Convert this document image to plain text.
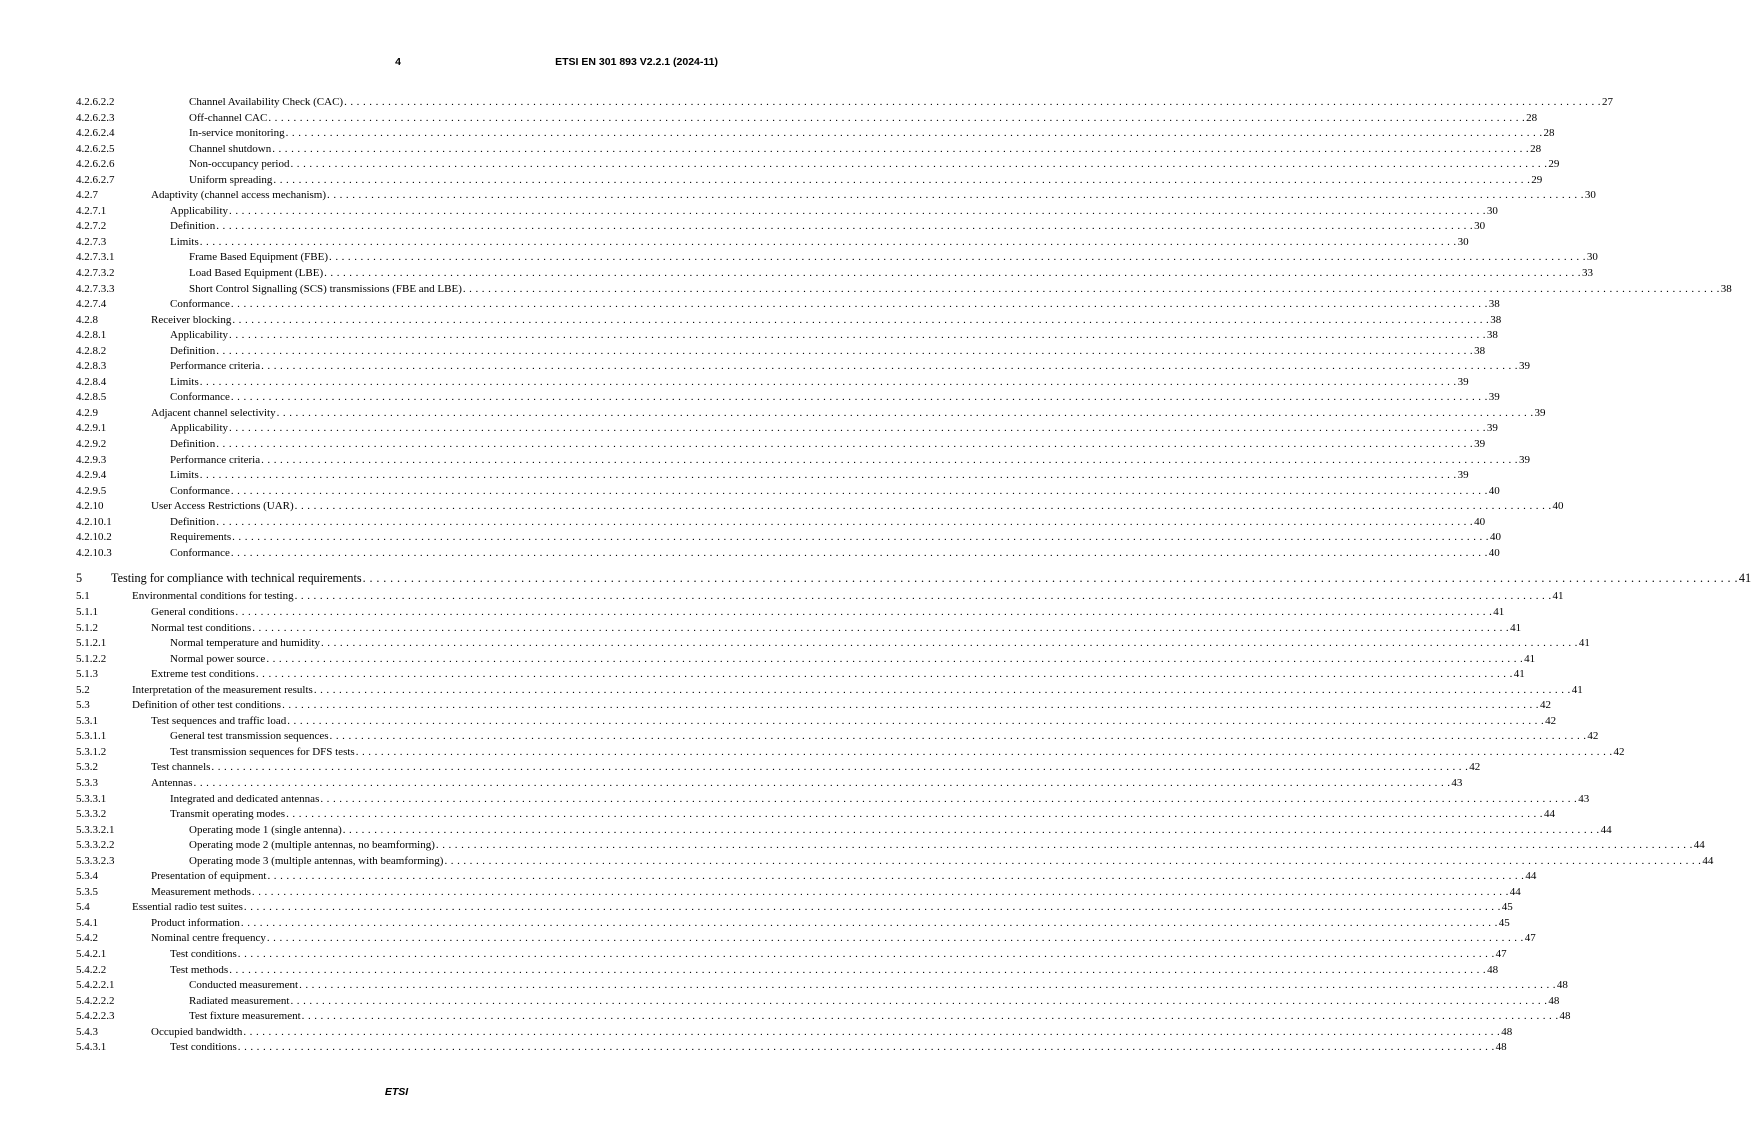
4	ETSI EN 301 893 V2.2.1 (2024-11)
4.2.6.2.2	Channel Availability Check (CAC) . . . . . . . . . . . . . . . . . . . . . . . . . . . . . . . . . . . . . . . . . . . . . . . . . . . . . . . . . . . . . . . . . . . . . . . . . . . . . . . . . . . . . . . . . . . . . . . . . . . . . . . . . . . . . . . . . . . . . . . . . . . . . . . . . . . . . . . . . . . . . . . . . . . . . . . . . . . . . . . . . . . . . . . . . . . . . . . . . . . . . . . . . . . . . . . . . . . . . . . . 27
4.2.6.2.3	Off-channel CAC . . . . . . . . . . . . . . . . . . . . . . . . . . . . . . . . . . . . . . . . . . . . . . . . . . . . . . . . . . . . . . . . . . . . . . . . . . . . . . . . . . . . . . . . . . . . . . . . . . . . . . . . . . . . . . . . . . . . . . . . . . . . . . . . . . . . . . . . . . . . . . . . . . . . . . . . . . . . . . . . . . . . . . . . . . . . . . . . . . . . . . . . . . . . . . . . . . . . . . . . 28
4.2.6.2.4	In-service monitoring . . . . . . . . . . . . . . . . . . . . . . . . . . . . . . . . . . . . . . . . . . . . . . . . . . . . . . . . . . . . . . . . . . . . . . . . . . . . . . . . . . . . . . . . . . . . . . . . . . . . . . . . . . . . . . . . . . . . . . . . . . . . . . . . . . . . . . . . . . . . . . . . . . . . . . . . . . . . . . . . . . . . . . . . . . . . . . . . . . . . . . . . . . . . . . . . . . . . . . . . 28
4.2.6.2.5	Channel shutdown . . . . . . . . . . . . . . . . . . . . . . . . . . . . . . . . . . . . . . . . . . . . . . . . . . . . . . . . . . . . . . . . . . . . . . . . . . . . . . . . . . . . . . . . . . . . . . . . . . . . . . . . . . . . . . . . . . . . . . . . . . . . . . . . . . . . . . . . . . . . . . . . . . . . . . . . . . . . . . . . . . . . . . . . . . . . . . . . . . . . . . . . . . . . . . . . . . . . . . . . 28
4.2.6.2.6	Non-occupancy period . . . . . . . . . . . . . . . . . . . . . . . . . . . . . . . . . . . . . . . . . . . . . . . . . . . . . . . . . . . . . . . . . . . . . . . . . . . . . . . . . . . . . . . . . . . . . . . . . . . . . . . . . . . . . . . . . . . . . . . . . . . . . . . . . . . . . . . . . . . . . . . . . . . . . . . . . . . . . . . . . . . . . . . . . . . . . . . . . . . . . . . . . . . . . . . . . . . . . . . . 29
4.2.6.2.7	Uniform spreading . . . . . . . . . . . . . . . . . . . . . . . . . . . . . . . . . . . . . . . . . . . . . . . . . . . . . . . . . . . . . . . . . . . . . . . . . . . . . . . . . . . . . . . . . . . . . . . . . . . . . . . . . . . . . . . . . . . . . . . . . . . . . . . . . . . . . . . . . . . . . . . . . . . . . . . . . . . . . . . . . . . . . . . . . . . . . . . . . . . . . . . . . . . . . . . . . . . . . . . . 29
4.2.7	Adaptivity (channel access mechanism) . . . . . . . . . . . . . . . . . . . . . . . . . . . . . . . . . . . . . . . . . . . . . . . . . . . . . . . . . . . . . . . . . . . . . . . . . . . . . . . . . . . . . . . . . . . . . . . . . . . . . . . . . . . . . . . . . . . . . . . . . . . . . . . . . . . . . . . . . . . . . . . . . . . . . . . . . . . . . . . . . . . . . . . . . . . . . . . . . . . . . . . . . . . . . . . . . . . . . . . . 30
4.2.7.1	Applicability . . . . . . . . . . . . . . . . . . . . . . . . . . . . . . . . . . . . . . . . . . . . . . . . . . . . . . . . . . . . . . . . . . . . . . . . . . . . . . . . . . . . . . . . . . . . . . . . . . . . . . . . . . . . . . . . . . . . . . . . . . . . . . . . . . . . . . . . . . . . . . . . . . . . . . . . . . . . . . . . . . . . . . . . . . . . . . . . . . . . . . . . . . . . . . . . . . . . . . . . 30
4.2.7.2	Definition . . . . . . . . . . . . . . . . . . . . . . . . . . . . . . . . . . . . . . . . . . . . . . . . . . . . . . . . . . . . . . . . . . . . . . . . . . . . . . . . . . . . . . . . . . . . . . . . . . . . . . . . . . . . . . . . . . . . . . . . . . . . . . . . . . . . . . . . . . . . . . . . . . . . . . . . . . . . . . . . . . . . . . . . . . . . . . . . . . . . . . . . . . . . . . . . . . . . . . . . 30
4.2.7.3	Limits . . . . . . . . . . . . . . . . . . . . . . . . . . . . . . . . . . . . . . . . . . . . . . . . . . . . . . . . . . . . . . . . . . . . . . . . . . . . . . . . . . . . . . . . . . . . . . . . . . . . . . . . . . . . . . . . . . . . . . . . . . . . . . . . . . . . . . . . . . . . . . . . . . . . . . . . . . . . . . . . . . . . . . . . . . . . . . . . . . . . . . . . . . . . . . . . . . . . . . . . 30
4.2.7.3.1	Frame Based Equipment (FBE) . . . . . . . . . . . . . . . . . . . . . . . . . . . . . . . . . . . . . . . . . . . . . . . . . . . . . . . . . . . . . . . . . . . . . . . . . . . . . . . . . . . . . . . . . . . . . . . . . . . . . . . . . . . . . . . . . . . . . . . . . . . . . . . . . . . . . . . . . . . . . . . . . . . . . . . . . . . . . . . . . . . . . . . . . . . . . . . . . . . . . . . . . . . . . . . . . . . . . . . . 30
4.2.7.3.2	Load Based Equipment (LBE) . . . . . . . . . . . . . . . . . . . . . . . . . . . . . . . . . . . . . . . . . . . . . . . . . . . . . . . . . . . . . . . . . . . . . . . . . . . . . . . . . . . . . . . . . . . . . . . . . . . . . . . . . . . . . . . . . . . . . . . . . . . . . . . . . . . . . . . . . . . . . . . . . . . . . . . . . . . . . . . . . . . . . . . . . . . . . . . . . . . . . . . . . . . . . . . . . . . . . . . . 33
4.2.7.3.3	Short Control Signalling (SCS) transmissions (FBE and LBE) . . . . . . . . . . . . . . . . . . . . . . . . . . . . . . . . . . . . . . . . . . . . . . . . . . . . . . . . . . . . . . . . . . . . . . . . . . . . . . . . . . . . . . . . . . . . . . . . . . . . . . . . . . . . . . . . . . . . . . . . . . . . . . . . . . . . . . . . . . . . . . . . . . . . . . . . . . . . . . . . . . . . . . . . . . . . . . . . . . . . . . . . . . . . . . . . . . . . . . . . 38
4.2.7.4	Conformance . . . . . . . . . . . . . . . . . . . . . . . . . . . . . . . . . . . . . . . . . . . . . . . . . . . . . . . . . . . . . . . . . . . . . . . . . . . . . . . . . . . . . . . . . . . . . . . . . . . . . . . . . . . . . . . . . . . . . . . . . . . . . . . . . . . . . . . . . . . . . . . . . . . . . . . . . . . . . . . . . . . . . . . . . . . . . . . . . . . . . . . . . . . . . . . . . . . . . . . . 38
4.2.8	Receiver blocking . . . . . . . . . . . . . . . . . . . . . . . . . . . . . . . . . . . . . . . . . . . . . . . . . . . . . . . . . . . . . . . . . . . . . . . . . . . . . . . . . . . . . . . . . . . . . . . . . . . . . . . . . . . . . . . . . . . . . . . . . . . . . . . . . . . . . . . . . . . . . . . . . . . . . . . . . . . . . . . . . . . . . . . . . . . . . . . . . . . . . . . . . . . . . . . . . . . . . . . . 38
4.2.8.1	Applicability . . . . . . . . . . . . . . . . . . . . . . . . . . . . . . . . . . . . . . . . . . . . . . . . . . . . . . . . . . . . . . . . . . . . . . . . . . . . . . . . . . . . . . . . . . . . . . . . . . . . . . . . . . . . . . . . . . . . . . . . . . . . . . . . . . . . . . . . . . . . . . . . . . . . . . . . . . . . . . . . . . . . . . . . . . . . . . . . . . . . . . . . . . . . . . . . . . . . . . . . 38
4.2.8.2	Definition . . . . . . . . . . . . . . . . . . . . . . . . . . . . . . . . . . . . . . . . . . . . . . . . . . . . . . . . . . . . . . . . . . . . . . . . . . . . . . . . . . . . . . . . . . . . . . . . . . . . . . . . . . . . . . . . . . . . . . . . . . . . . . . . . . . . . . . . . . . . . . . . . . . . . . . . . . . . . . . . . . . . . . . . . . . . . . . . . . . . . . . . . . . . . . . . . . . . . . . . 38
4.2.8.3	Performance criteria . . . . . . . . . . . . . . . . . . . . . . . . . . . . . . . . . . . . . . . . . . . . . . . . . . . . . . . . . . . . . . . . . . . . . . . . . . . . . . . . . . . . . . . . . . . . . . . . . . . . . . . . . . . . . . . . . . . . . . . . . . . . . . . . . . . . . . . . . . . . . . . . . . . . . . . . . . . . . . . . . . . . . . . . . . . . . . . . . . . . . . . . . . . . . . . . . . . . . . . . 39
4.2.8.4	Limits . . . . . . . . . . . . . . . . . . . . . . . . . . . . . . . . . . . . . . . . . . . . . . . . . . . . . . . . . . . . . . . . . . . . . . . . . . . . . . . . . . . . . . . . . . . . . . . . . . . . . . . . . . . . . . . . . . . . . . . . . . . . . . . . . . . . . . . . . . . . . . . . . . . . . . . . . . . . . . . . . . . . . . . . . . . . . . . . . . . . . . . . . . . . . . . . . . . . . . . . 39
4.2.8.5	Conformance . . . . . . . . . . . . . . . . . . . . . . . . . . . . . . . . . . . . . . . . . . . . . . . . . . . . . . . . . . . . . . . . . . . . . . . . . . . . . . . . . . . . . . . . . . . . . . . . . . . . . . . . . . . . . . . . . . . . . . . . . . . . . . . . . . . . . . . . . . . . . . . . . . . . . . . . . . . . . . . . . . . . . . . . . . . . . . . . . . . . . . . . . . . . . . . . . . . . . . . . 39
4.2.9	Adjacent channel selectivity . . . . . . . . . . . . . . . . . . . . . . . . . . . . . . . . . . . . . . . . . . . . . . . . . . . . . . . . . . . . . . . . . . . . . . . . . . . . . . . . . . . . . . . . . . . . . . . . . . . . . . . . . . . . . . . . . . . . . . . . . . . . . . . . . . . . . . . . . . . . . . . . . . . . . . . . . . . . . . . . . . . . . . . . . . . . . . . . . . . . . . . . . . . . . . . . . . . . . . . . 39
4.2.9.1	Applicability . . . . . . . . . . . . . . . . . . . . . . . . . . . . . . . . . . . . . . . . . . . . . . . . . . . . . . . . . . . . . . . . . . . . . . . . . . . . . . . . . . . . . . . . . . . . . . . . . . . . . . . . . . . . . . . . . . . . . . . . . . . . . . . . . . . . . . . . . . . . . . . . . . . . . . . . . . . . . . . . . . . . . . . . . . . . . . . . . . . . . . . . . . . . . . . . . . . . . . . . 39
4.2.9.2	Definition . . . . . . . . . . . . . . . . . . . . . . . . . . . . . . . . . . . . . . . . . . . . . . . . . . . . . . . . . . . . . . . . . . . . . . . . . . . . . . . . . . . . . . . . . . . . . . . . . . . . . . . . . . . . . . . . . . . . . . . . . . . . . . . . . . . . . . . . . . . . . . . . . . . . . . . . . . . . . . . . . . . . . . . . . . . . . . . . . . . . . . . . . . . . . . . . . . . . . . . . 39
4.2.9.3	Performance criteria . . . . . . . . . . . . . . . . . . . . . . . . . . . . . . . . . . . . . . . . . . . . . . . . . . . . . . . . . . . . . . . . . . . . . . . . . . . . . . . . . . . . . . . . . . . . . . . . . . . . . . . . . . . . . . . . . . . . . . . . . . . . . . . . . . . . . . . . . . . . . . . . . . . . . . . . . . . . . . . . . . . . . . . . . . . . . . . . . . . . . . . . . . . . . . . . . . . . . . . . 39
4.2.9.4	Limits . . . . . . . . . . . . . . . . . . . . . . . . . . . . . . . . . . . . . . . . . . . . . . . . . . . . . . . . . . . . . . . . . . . . . . . . . . . . . . . . . . . . . . . . . . . . . . . . . . . . . . . . . . . . . . . . . . . . . . . . . . . . . . . . . . . . . . . . . . . . . . . . . . . . . . . . . . . . . . . . . . . . . . . . . . . . . . . . . . . . . . . . . . . . . . . . . . . . . . . . 39
4.2.9.5	Conformance . . . . . . . . . . . . . . . . . . . . . . . . . . . . . . . . . . . . . . . . . . . . . . . . . . . . . . . . . . . . . . . . . . . . . . . . . . . . . . . . . . . . . . . . . . . . . . . . . . . . . . . . . . . . . . . . . . . . . . . . . . . . . . . . . . . . . . . . . . . . . . . . . . . . . . . . . . . . . . . . . . . . . . . . . . . . . . . . . . . . . . . . . . . . . . . . . . . . . . . . 40
4.2.10	User Access Restrictions (UAR) . . . . . . . . . . . . . . . . . . . . . . . . . . . . . . . . . . . . . . . . . . . . . . . . . . . . . . . . . . . . . . . . . . . . . . . . . . . . . . . . . . . . . . . . . . . . . . . . . . . . . . . . . . . . . . . . . . . . . . . . . . . . . . . . . . . . . . . . . . . . . . . . . . . . . . . . . . . . . . . . . . . . . . . . . . . . . . . . . . . . . . . . . . . . . . . . . . . . . . . . 40
4.2.10.1	Definition . . . . . . . . . . . . . . . . . . . . . . . . . . . . . . . . . . . . . . . . . . . . . . . . . . . . . . . . . . . . . . . . . . . . . . . . . . . . . . . . . . . . . . . . . . . . . . . . . . . . . . . . . . . . . . . . . . . . . . . . . . . . . . . . . . . . . . . . . . . . . . . . . . . . . . . . . . . . . . . . . . . . . . . . . . . . . . . . . . . . . . . . . . . . . . . . . . . . . . . . 40
4.2.10.2	Requirements . . . . . . . . . . . . . . . . . . . . . . . . . . . . . . . . . . . . . . . . . . . . . . . . . . . . . . . . . . . . . . . . . . . . . . . . . . . . . . . . . . . . . . . . . . . . . . . . . . . . . . . . . . . . . . . . . . . . . . . . . . . . . . . . . . . . . . . . . . . . . . . . . . . . . . . . . . . . . . . . . . . . . . . . . . . . . . . . . . . . . . . . . . . . . . . . . . . . . . . . 40
4.2.10.3	Conformance . . . . . . . . . . . . . . . . . . . . . . . . . . . . . . . . . . . . . . . . . . . . . . . . . . . . . . . . . . . . . . . . . . . . . . . . . . . . . . . . . . . . . . . . . . . . . . . . . . . . . . . . . . . . . . . . . . . . . . . . . . . . . . . . . . . . . . . . . . . . . . . . . . . . . . . . . . . . . . . . . . . . . . . . . . . . . . . . . . . . . . . . . . . . . . . . . . . . . . . . 40
5 Testing for compliance with technical requirements . . . . . . . . . . . . . . . . . . . . . . . . . . . . . . . . . . . . . . . . . . . . . . . . . . . . . . . . . . . . . . . . . . . . . . . . . . . . . . . . . . . . . . . . . . . . . . . . . . . . . . . . . . . . . . . . . . . . . . . . . . . . . . . . . . . . . . . . . . . . . . . . . . . . . . . . . . . . . . . . . . . . . . . . . . . . . . . . . . . . . . . . . . . . . . . . . . . . . . . . 41
5.1	Environmental conditions for testing . . . . . . . . . . . . . . . . . . . . . . . . . . . . . . . . . . . . . . . . . . . . . . . . . . . . . . . . . . . . . . . . . . . . . . . . . . . . . . . . . . . . . . . . . . . . . . . . . . . . . . . . . . . . . . . . . . . . . . . . . . . . . . . . . . . . . . . . . . . . . . . . . . . . . . . . . . . . . . . . . . . . . . . . . . . . . . . . . . . . . . . . . . . . . . . . . . . . . . . . 41
5.1.1	General conditions . . . . . . . . . . . . . . . . . . . . . . . . . . . . . . . . . . . . . . . . . . . . . . . . . . . . . . . . . . . . . . . . . . . . . . . . . . . . . . . . . . . . . . . . . . . . . . . . . . . . . . . . . . . . . . . . . . . . . . . . . . . . . . . . . . . . . . . . . . . . . . . . . . . . . . . . . . . . . . . . . . . . . . . . . . . . . . . . . . . . . . . . . . . . . . . . . . . . . . . . 41
5.1.2	Normal test conditions . . . . . . . . . . . . . . . . . . . . . . . . . . . . . . . . . . . . . . . . . . . . . . . . . . . . . . . . . . . . . . . . . . . . . . . . . . . . . . . . . . . . . . . . . . . . . . . . . . . . . . . . . . . . . . . . . . . . . . . . . . . . . . . . . . . . . . . . . . . . . . . . . . . . . . . . . . . . . . . . . . . . . . . . . . . . . . . . . . . . . . . . . . . . . . . . . . . . . . . . 41
5.1.2.1	Normal temperature and humidity . . . . . . . . . . . . . . . . . . . . . . . . . . . . . . . . . . . . . . . . . . . . . . . . . . . . . . . . . . . . . . . . . . . . . . . . . . . . . . . . . . . . . . . . . . . . . . . . . . . . . . . . . . . . . . . . . . . . . . . . . . . . . . . . . . . . . . . . . . . . . . . . . . . . . . . . . . . . . . . . . . . . . . . . . . . . . . . . . . . . . . . . . . . . . . . . . . . . . . . . 41
5.1.2.2	Normal power source . . . . . . . . . . . . . . . . . . . . . . . . . . . . . . . . . . . . . . . . . . . . . . . . . . . . . . . . . . . . . . . . . . . . . . . . . . . . . . . . . . . . . . . . . . . . . . . . . . . . . . . . . . . . . . . . . . . . . . . . . . . . . . . . . . . . . . . . . . . . . . . . . . . . . . . . . . . . . . . . . . . . . . . . . . . . . . . . . . . . . . . . . . . . . . . . . . . . . . . . 41
5.1.3	Extreme test conditions . . . . . . . . . . . . . . . . . . . . . . . . . . . . . . . . . . . . . . . . . . . . . . . . . . . . . . . . . . . . . . . . . . . . . . . . . . . . . . . . . . . . . . . . . . . . . . . . . . . . . . . . . . . . . . . . . . . . . . . . . . . . . . . . . . . . . . . . . . . . . . . . . . . . . . . . . . . . . . . . . . . . . . . . . . . . . . . . . . . . . . . . . . . . . . . . . . . . . . . . 41
5.2	Interpretation of the measurement results . . . . . . . . . . . . . . . . . . . . . . . . . . . . . . . . . . . . . . . . . . . . . . . . . . . . . . . . . . . . . . . . . . . . . . . . . . . . . . . . . . . . . . . . . . . . . . . . . . . . . . . . . . . . . . . . . . . . . . . . . . . . . . . . . . . . . . . . . . . . . . . . . . . . . . . . . . . . . . . . . . . . . . . . . . . . . . . . . . . . . . . . . . . . . . . . . . . . . . . . 41
5.3	Definition of other test conditions . . . . . . . . . . . . . . . . . . . . . . . . . . . . . . . . . . . . . . . . . . . . . . . . . . . . . . . . . . . . . . . . . . . . . . . . . . . . . . . . . . . . . . . . . . . . . . . . . . . . . . . . . . . . . . . . . . . . . . . . . . . . . . . . . . . . . . . . . . . . . . . . . . . . . . . . . . . . . . . . . . . . . . . . . . . . . . . . . . . . . . . . . . . . . . . . . . . . . . . . 42
5.3.1	Test sequences and traffic load . . . . . . . . . . . . . . . . . . . . . . . . . . . . . . . . . . . . . . . . . . . . . . . . . . . . . . . . . . . . . . . . . . . . . . . . . . . . . . . . . . . . . . . . . . . . . . . . . . . . . . . . . . . . . . . . . . . . . . . . . . . . . . . . . . . . . . . . . . . . . . . . . . . . . . . . . . . . . . . . . . . . . . . . . . . . . . . . . . . . . . . . . . . . . . . . . . . . . . . . 42
5.3.1.1	General test transmission sequences . . . . . . . . . . . . . . . . . . . . . . . . . . . . . . . . . . . . . . . . . . . . . . . . . . . . . . . . . . . . . . . . . . . . . . . . . . . . . . . . . . . . . . . . . . . . . . . . . . . . . . . . . . . . . . . . . . . . . . . . . . . . . . . . . . . . . . . . . . . . . . . . . . . . . . . . . . . . . . . . . . . . . . . . . . . . . . . . . . . . . . . . . . . . . . . . . . . . . . . . 42
5.3.1.2	Test transmission sequences for DFS tests . . . . . . . . . . . . . . . . . . . . . . . . . . . . . . . . . . . . . . . . . . . . . . . . . . . . . . . . . . . . . . . . . . . . . . . . . . . . . . . . . . . . . . . . . . . . . . . . . . . . . . . . . . . . . . . . . . . . . . . . . . . . . . . . . . . . . . . . . . . . . . . . . . . . . . . . . . . . . . . . . . . . . . . . . . . . . . . . . . . . . . . . . . . . . . . . . . . . . . . . 42
5.3.2	Test channels . . . . . . . . . . . . . . . . . . . . . . . . . . . . . . . . . . . . . . . . . . . . . . . . . . . . . . . . . . . . . . . . . . . . . . . . . . . . . . . . . . . . . . . . . . . . . . . . . . . . . . . . . . . . . . . . . . . . . . . . . . . . . . . . . . . . . . . . . . . . . . . . . . . . . . . . . . . . . . . . . . . . . . . . . . . . . . . . . . . . . . . . . . . . . . . . . . . . . . . . 42
5.3.3	Antennas . . . . . . . . . . . . . . . . . . . . . . . . . . . . . . . . . . . . . . . . . . . . . . . . . . . . . . . . . . . . . . . . . . . . . . . . . . . . . . . . . . . . . . . . . . . . . . . . . . . . . . . . . . . . . . . . . . . . . . . . . . . . . . . . . . . . . . . . . . . . . . . . . . . . . . . . . . . . . . . . . . . . . . . . . . . . . . . . . . . . . . . . . . . . . . . . . . . . . . . . 43
5.3.3.1	Integrated and dedicated antennas . . . . . . . . . . . . . . . . . . . . . . . . . . . . . . . . . . . . . . . . . . . . . . . . . . . . . . . . . . . . . . . . . . . . . . . . . . . . . . . . . . . . . . . . . . . . . . . . . . . . . . . . . . . . . . . . . . . . . . . . . . . . . . . . . . . . . . . . . . . . . . . . . . . . . . . . . . . . . . . . . . . . . . . . . . . . . . . . . . . . . . . . . . . . . . . . . . . . . . . . 43
5.3.3.2	Transmit operating modes . . . . . . . . . . . . . . . . . . . . . . . . . . . . . . . . . . . . . . . . . . . . . . . . . . . . . . . . . . . . . . . . . . . . . . . . . . . . . . . . . . . . . . . . . . . . . . . . . . . . . . . . . . . . . . . . . . . . . . . . . . . . . . . . . . . . . . . . . . . . . . . . . . . . . . . . . . . . . . . . . . . . . . . . . . . . . . . . . . . . . . . . . . . . . . . . . . . . . . . . 44
5.3.3.2.1	Operating mode 1 (single antenna) . . . . . . . . . . . . . . . . . . . . . . . . . . . . . . . . . . . . . . . . . . . . . . . . . . . . . . . . . . . . . . . . . . . . . . . . . . . . . . . . . . . . . . . . . . . . . . . . . . . . . . . . . . . . . . . . . . . . . . . . . . . . . . . . . . . . . . . . . . . . . . . . . . . . . . . . . . . . . . . . . . . . . . . . . . . . . . . . . . . . . . . . . . . . . . . . . . . . . . . . 44
5.3.3.2.2	Operating mode 2 (multiple antennas, no beamforming) . . . . . . . . . . . . . . . . . . . . . . . . . . . . . . . . . . . . . . . . . . . . . . . . . . . . . . . . . . . . . . . . . . . . . . . . . . . . . . . . . . . . . . . . . . . . . . . . . . . . . . . . . . . . . . . . . . . . . . . . . . . . . . . . . . . . . . . . . . . . . . . . . . . . . . . . . . . . . . . . . . . . . . . . . . . . . . . . . . . . . . . . . . . . . . . . . . . . . . . . 44
5.3.3.2.3	Operating mode 3 (multiple antennas, with beamforming) . . . . . . . . . . . . . . . . . . . . . . . . . . . . . . . . . . . . . . . . . . . . . . . . . . . . . . . . . . . . . . . . . . . . . . . . . . . . . . . . . . . . . . . . . . . . . . . . . . . . . . . . . . . . . . . . . . . . . . . . . . . . . . . . . . . . . . . . . . . . . . . . . . . . . . . . . . . . . . . . . . . . . . . . . . . . . . . . . . . . . . . . . . . . . . . . . . . . . . . . 44
5.3.4	Presentation of equipment . . . . . . . . . . . . . . . . . . . . . . . . . . . . . . . . . . . . . . . . . . . . . . . . . . . . . . . . . . . . . . . . . . . . . . . . . . . . . . . . . . . . . . . . . . . . . . . . . . . . . . . . . . . . . . . . . . . . . . . . . . . . . . . . . . . . . . . . . . . . . . . . . . . . . . . . . . . . . . . . . . . . . . . . . . . . . . . . . . . . . . . . . . . . . . . . . . . . . . . . 44
5.3.5	Measurement methods . . . . . . . . . . . . . . . . . . . . . . . . . . . . . . . . . . . . . . . . . . . . . . . . . . . . . . . . . . . . . . . . . . . . . . . . . . . . . . . . . . . . . . . . . . . . . . . . . . . . . . . . . . . . . . . . . . . . . . . . . . . . . . . . . . . . . . . . . . . . . . . . . . . . . . . . . . . . . . . . . . . . . . . . . . . . . . . . . . . . . . . . . . . . . . . . . . . . . . . . 44
5.4	Essential radio test suites . . . . . . . . . . . . . . . . . . . . . . . . . . . . . . . . . . . . . . . . . . . . . . . . . . . . . . . . . . . . . . . . . . . . . . . . . . . . . . . . . . . . . . . . . . . . . . . . . . . . . . . . . . . . . . . . . . . . . . . . . . . . . . . . . . . . . . . . . . . . . . . . . . . . . . . . . . . . . . . . . . . . . . . . . . . . . . . . . . . . . . . . . . . . . . . . . . . . . . . . 45
5.4.1	Product information . . . . . . . . . . . . . . . . . . . . . . . . . . . . . . . . . . . . . . . . . . . . . . . . . . . . . . . . . . . . . . . . . . . . . . . . . . . . . . . . . . . . . . . . . . . . . . . . . . . . . . . . . . . . . . . . . . . . . . . . . . . . . . . . . . . . . . . . . . . . . . . . . . . . . . . . . . . . . . . . . . . . . . . . . . . . . . . . . . . . . . . . . . . . . . . . . . . . . . . . 45
5.4.2	Nominal centre frequency . . . . . . . . . . . . . . . . . . . . . . . . . . . . . . . . . . . . . . . . . . . . . . . . . . . . . . . . . . . . . . . . . . . . . . . . . . . . . . . . . . . . . . . . . . . . . . . . . . . . . . . . . . . . . . . . . . . . . . . . . . . . . . . . . . . . . . . . . . . . . . . . . . . . . . . . . . . . . . . . . . . . . . . . . . . . . . . . . . . . . . . . . . . . . . . . . . . . . . . . 47
5.4.2.1	Test conditions . . . . . . . . . . . . . . . . . . . . . . . . . . . . . . . . . . . . . . . . . . . . . . . . . . . . . . . . . . . . . . . . . . . . . . . . . . . . . . . . . . . . . . . . . . . . . . . . . . . . . . . . . . . . . . . . . . . . . . . . . . . . . . . . . . . . . . . . . . . . . . . . . . . . . . . . . . . . . . . . . . . . . . . . . . . . . . . . . . . . . . . . . . . . . . . . . . . . . . . . 47
5.4.2.2	Test methods . . . . . . . . . . . . . . . . . . . . . . . . . . . . . . . . . . . . . . . . . . . . . . . . . . . . . . . . . . . . . . . . . . . . . . . . . . . . . . . . . . . . . . . . . . . . . . . . . . . . . . . . . . . . . . . . . . . . . . . . . . . . . . . . . . . . . . . . . . . . . . . . . . . . . . . . . . . . . . . . . . . . . . . . . . . . . . . . . . . . . . . . . . . . . . . . . . . . . . . . 48
5.4.2.2.1	Conducted measurement . . . . . . . . . . . . . . . . . . . . . . . . . . . . . . . . . . . . . . . . . . . . . . . . . . . . . . . . . . . . . . . . . . . . . . . . . . . . . . . . . . . . . . . . . . . . . . . . . . . . . . . . . . . . . . . . . . . . . . . . . . . . . . . . . . . . . . . . . . . . . . . . . . . . . . . . . . . . . . . . . . . . . . . . . . . . . . . . . . . . . . . . . . . . . . . . . . . . . . . . 48
5.4.2.2.2	Radiated measurement . . . . . . . . . . . . . . . . . . . . . . . . . . . . . . . . . . . . . . . . . . . . . . . . . . . . . . . . . . . . . . . . . . . . . . . . . . . . . . . . . . . . . . . . . . . . . . . . . . . . . . . . . . . . . . . . . . . . . . . . . . . . . . . . . . . . . . . . . . . . . . . . . . . . . . . . . . . . . . . . . . . . . . . . . . . . . . . . . . . . . . . . . . . . . . . . . . . . . . . . 48
5.4.2.2.3	Test fixture measurement . . . . . . . . . . . . . . . . . . . . . . . . . . . . . . . . . . . . . . . . . . . . . . . . . . . . . . . . . . . . . . . . . . . . . . . . . . . . . . . . . . . . . . . . . . . . . . . . . . . . . . . . . . . . . . . . . . . . . . . . . . . . . . . . . . . . . . . . . . . . . . . . . . . . . . . . . . . . . . . . . . . . . . . . . . . . . . . . . . . . . . . . . . . . . . . . . . . . . . . . 48
5.4.3	Occupied bandwidth . . . . . . . . . . . . . . . . . . . . . . . . . . . . . . . . . . . . . . . . . . . . . . . . . . . . . . . . . . . . . . . . . . . . . . . . . . . . . . . . . . . . . . . . . . . . . . . . . . . . . . . . . . . . . . . . . . . . . . . . . . . . . . . . . . . . . . . . . . . . . . . . . . . . . . . . . . . . . . . . . . . . . . . . . . . . . . . . . . . . . . . . . . . . . . . . . . . . . . . . 48
5.4.3.1	Test conditions . . . . . . . . . . . . . . . . . . . . . . . . . . . . . . . . . . . . . . . . . . . . . . . . . . . . . . . . . . . . . . . . . . . . . . . . . . . . . . . . . . . . . . . . . . . . . . . . . . . . . . . . . . . . . . . . . . . . . . . . . . . . . . . . . . . . . . . . . . . . . . . . . . . . . . . . . . . . . . . . . . . . . . . . . . . . . . . . . . . . . . . . . . . . . . . . . . . . . . . . 48
ETSI
